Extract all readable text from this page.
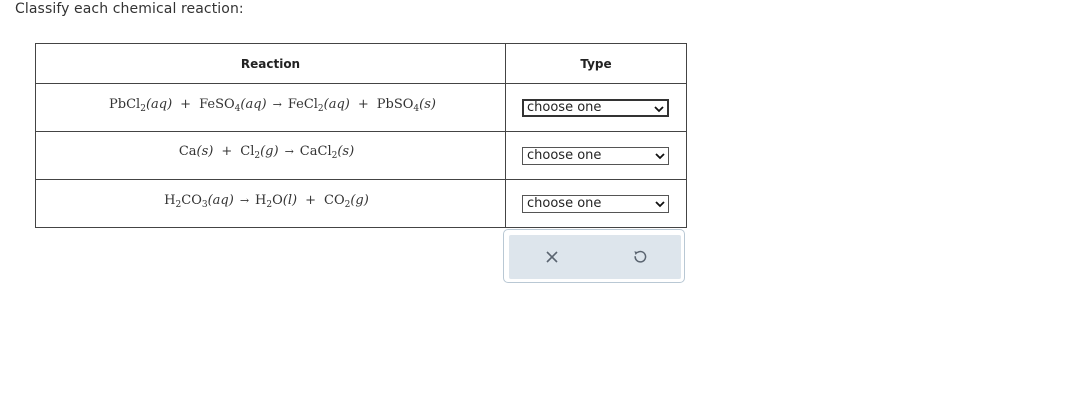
Classify each chemical reaction:
Reaction	Type
$^{PbCl_2(aq) + FeSO_4(aq) \to FeCl_2(aq) + PbSO_4(s)}$	choose one

$^{Ca(s) + Cl_2(g) \to CaCl_2(s)}$	choose one

$^{H_2CO_3(aq) \to H_2O(l) + CO_2(g)}$	choose one
